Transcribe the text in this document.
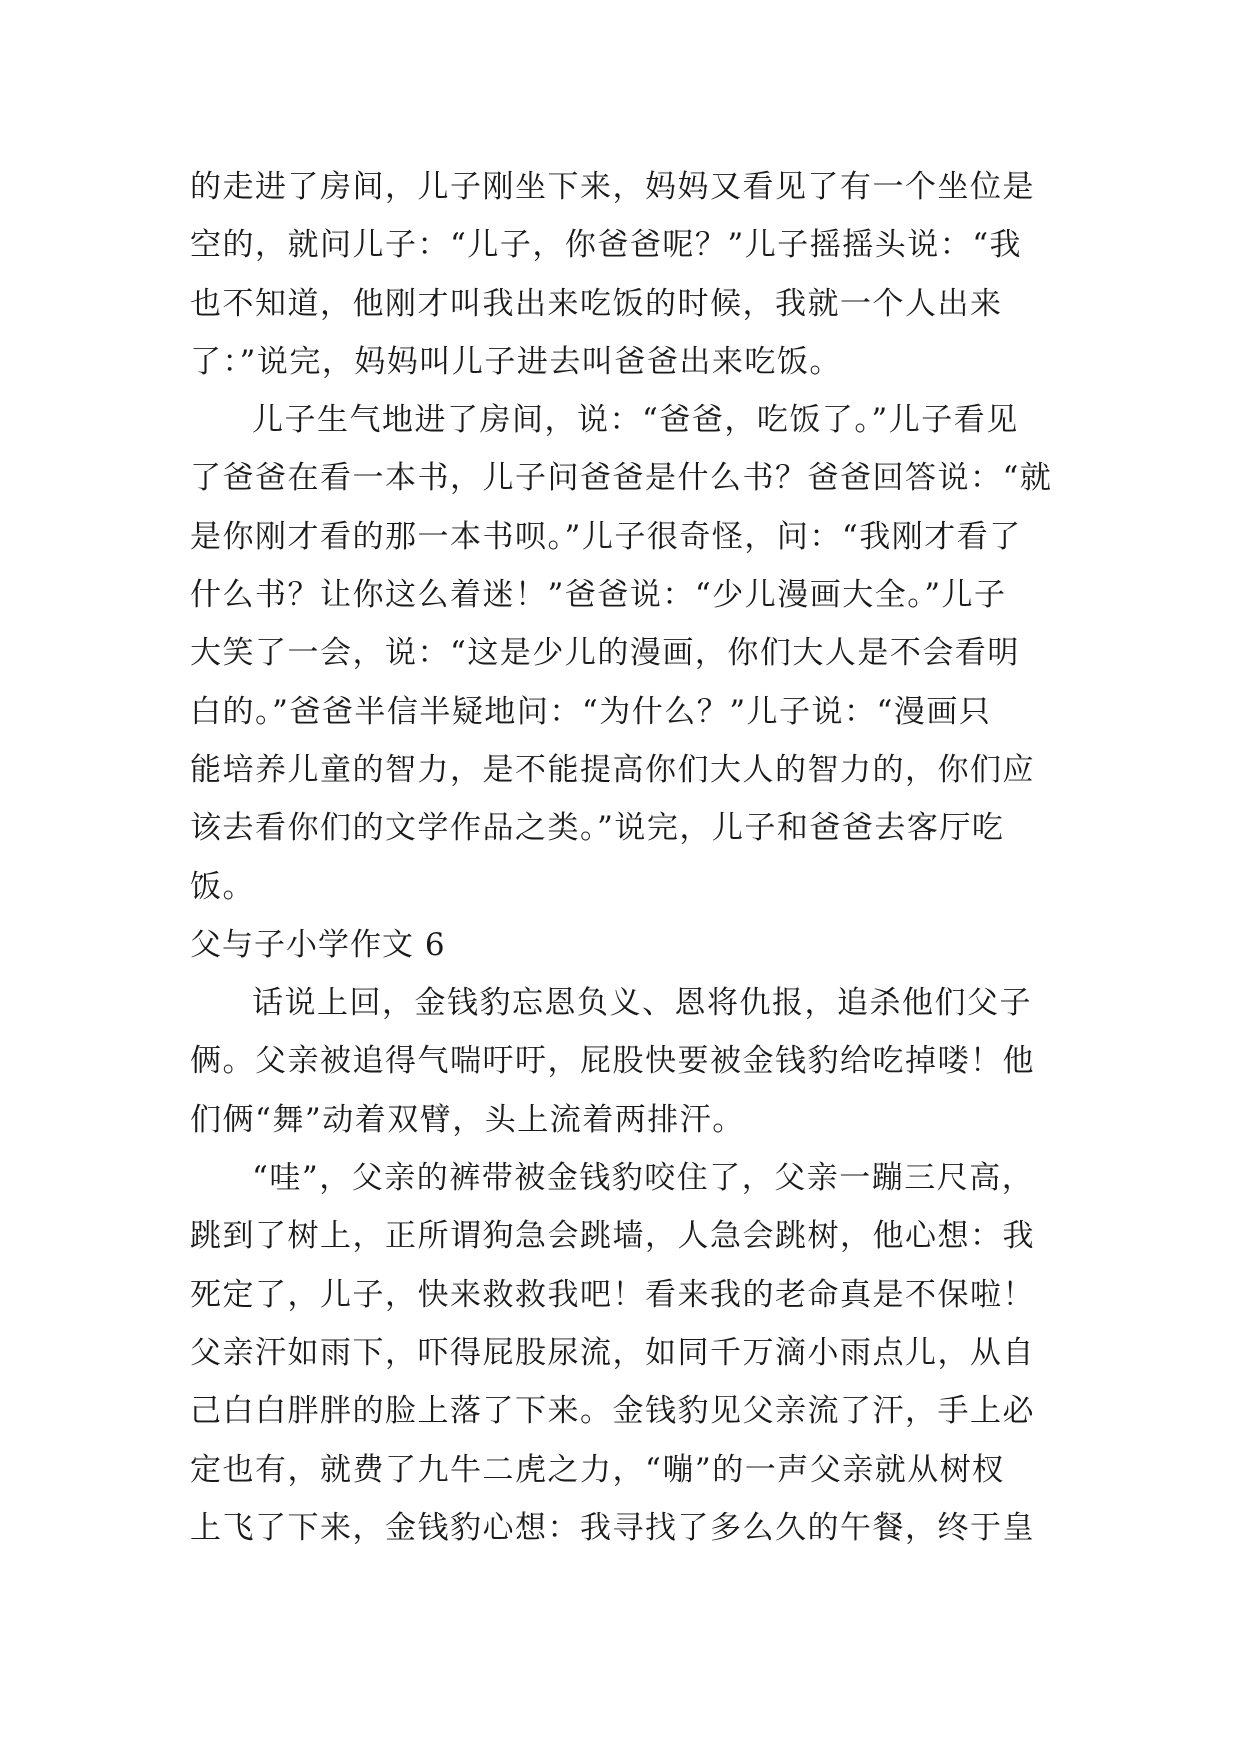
的走进了房间，儿子刚坐下来，妈妈又看见了有一个坐位是
空的，就问儿子：“儿子，你爸爸呢？”儿子摇摇头说：“我
也不知道，他刚才叫我出来吃饭的时候，我就一个人出来
了：”说完，妈妈叫儿子进去叫爸爸出来吃饭。
儿子生气地进了房间，说：“爸爸，吃饭了。”儿子看见
了爸爸在看一本书，儿子问爸爸是什么书？爸爸回答说：“就
是你刚才看的那一本书呗。”儿子很奇怪，问：“我刚才看了
什么书？让你这么着迷！”爸爸说：“少儿漫画大全。”儿子
大笑了一会，说：“这是少儿的漫画，你们大人是不会看明
白的。”爸爸半信半疑地问：“为什么？”儿子说：“漫画只
能培养儿童的智力，是不能提高你们大人的智力的，你们应
该去看你们的文学作品之类。”说完，儿子和爸爸去客厅吃
饭。
父与子小学作文 6
话说上回，金钱豹忘恩负义、恩将仇报，追杀他们父子
俩。父亲被追得气喘吁吁，屁股快要被金钱豹给吃掉喽！他
们俩“舞”动着双臂，头上流着两排汗。
“哇”，父亲的裤带被金钱豹咬住了，父亲一蹦三尺高，
跳到了树上，正所谓狗急会跳墙，人急会跳树，他心想：我
死定了，儿子，快来救救我吧！看来我的老命真是不保啦！
父亲汗如雨下，吓得屁股尿流，如同千万滴小雨点儿，从自
己白白胖胖的脸上落了下来。金钱豹见父亲流了汗，手上必
定也有，就费了九牛二虎之力，“嘣”的一声父亲就从树杈
上飞了下来，金钱豹心想：我寻找了多么久的午餐，终于皇
